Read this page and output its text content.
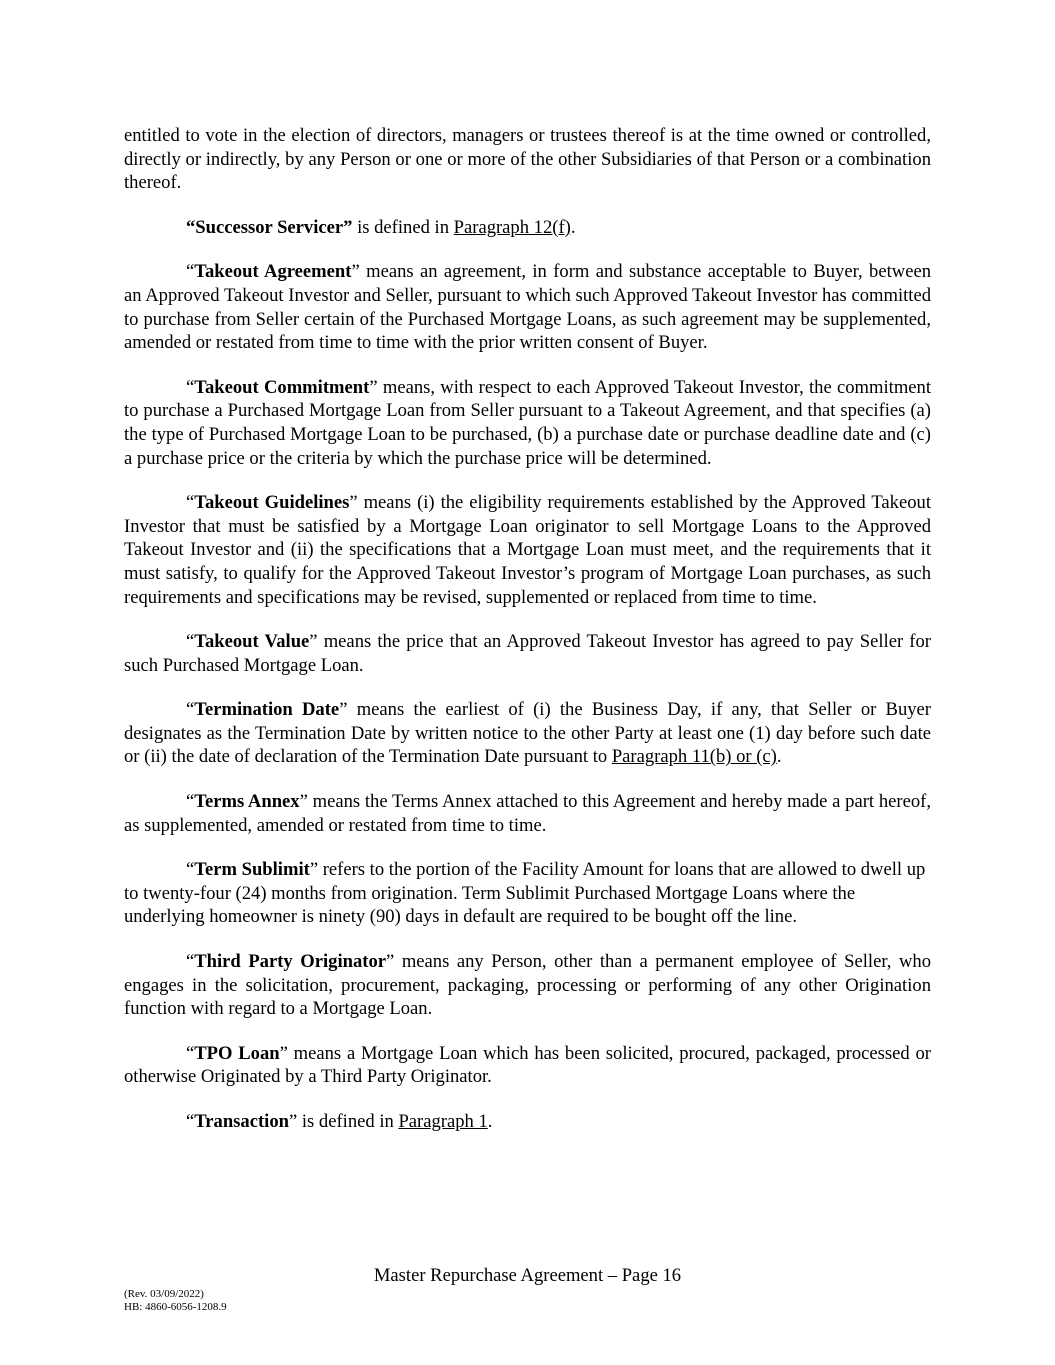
entitled to vote in the election of directors, managers or trustees thereof is at the time owned or controlled, directly or indirectly, by any Person or one or more of the other Subsidiaries of that Person or a combination thereof.

“Successor Servicer” is defined in Paragraph 12(f).

“Takeout Agreement” means an agreement, in form and substance acceptable to Buyer, between an Approved Takeout Investor and Seller, pursuant to which such Approved Takeout Investor has committed to purchase from Seller certain of the Purchased Mortgage Loans, as such agreement may be supplemented, amended or restated from time to time with the prior written consent of Buyer.

“Takeout Commitment” means, with respect to each Approved Takeout Investor, the commitment to purchase a Purchased Mortgage Loan from Seller pursuant to a Takeout Agreement, and that specifies (a) the type of Purchased Mortgage Loan to be purchased, (b) a purchase date or purchase deadline date and (c) a purchase price or the criteria by which the purchase price will be determined.

“Takeout Guidelines” means (i) the eligibility requirements established by the Approved Takeout Investor that must be satisfied by a Mortgage Loan originator to sell Mortgage Loans to the Approved Takeout Investor and (ii) the specifications that a Mortgage Loan must meet, and the requirements that it must satisfy, to qualify for the Approved Takeout Investor’s program of Mortgage Loan purchases, as such requirements and specifications may be revised, supplemented or replaced from time to time.

“Takeout Value” means the price that an Approved Takeout Investor has agreed to pay Seller for such Purchased Mortgage Loan.

“Termination Date” means the earliest of (i) the Business Day, if any, that Seller or Buyer designates as the Termination Date by written notice to the other Party at least one (1) day before such date or (ii) the date of declaration of the Termination Date pursuant to Paragraph 11(b) or (c).

“Terms Annex” means the Terms Annex attached to this Agreement and hereby made a part hereof, as supplemented, amended or restated from time to time.

“Term Sublimit” refers to the portion of the Facility Amount for loans that are allowed to dwell up to twenty-four (24) months from origination. Term Sublimit Purchased Mortgage Loans where the underlying homeowner is ninety (90) days in default are required to be bought off the line.

“Third Party Originator” means any Person, other than a permanent employee of Seller, who engages in the solicitation, procurement, packaging, processing or performing of any other Origination function with regard to a Mortgage Loan.

“TPO Loan” means a Mortgage Loan which has been solicited, procured, packaged, processed or otherwise Originated by a Third Party Originator.

“Transaction” is defined in Paragraph 1.

Master Repurchase Agreement – Page 16
(Rev. 03/09/2022)
HB: 4860-6056-1208.9
